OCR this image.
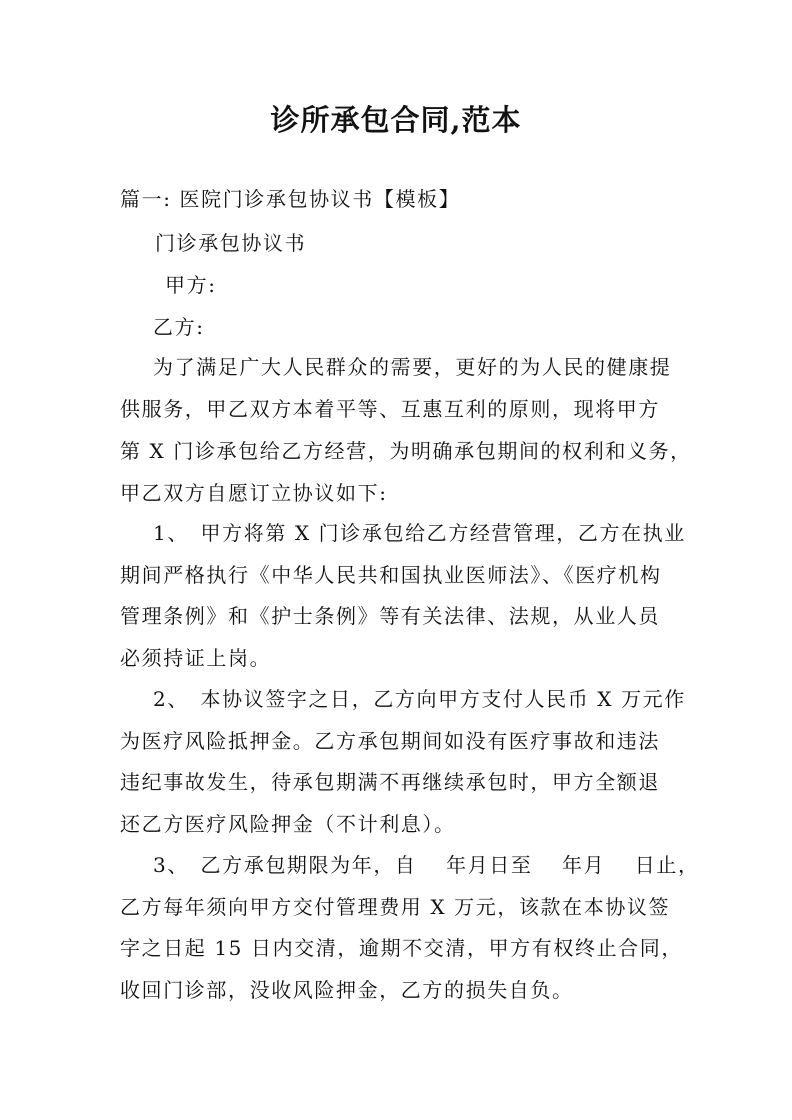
诊所承包合同,范本
篇一: 医院门诊承包协议书【模板】
门诊承包协议书
甲方:
乙方:
为了满足广大人民群众的需要，更好的为人民的健康提
供服务，甲乙双方本着平等、互惠互利的原则，现将甲方
第 X 门诊承包给乙方经营，为明确承包期间的权利和义务，
甲乙双方自愿订立协议如下:
1、　甲方将第 X 门诊承包给乙方经营管理，乙方在执业
期间严格执行《中华人民共和国执业医师法》、《医疗机构
管理条例》和《护士条例》等有关法律、法规，从业人员
必须持证上岗。
2、　本协议签字之日，乙方向甲方支付人民币 X 万元作
为医疗风险抵押金。乙方承包期间如没有医疗事故和违法
违纪事故发生，待承包期满不再继续承包时，甲方全额退
还乙方医疗风险押金（不计利息）。
3、　乙方承包期限为年，自　 年月日至　 年月　 日止，
乙方每年须向甲方交付管理费用 X 万元，该款在本协议签
字之日起 15 日内交清，逾期不交清，甲方有权终止合同，
收回门诊部，没收风险押金，乙方的损失自负。
